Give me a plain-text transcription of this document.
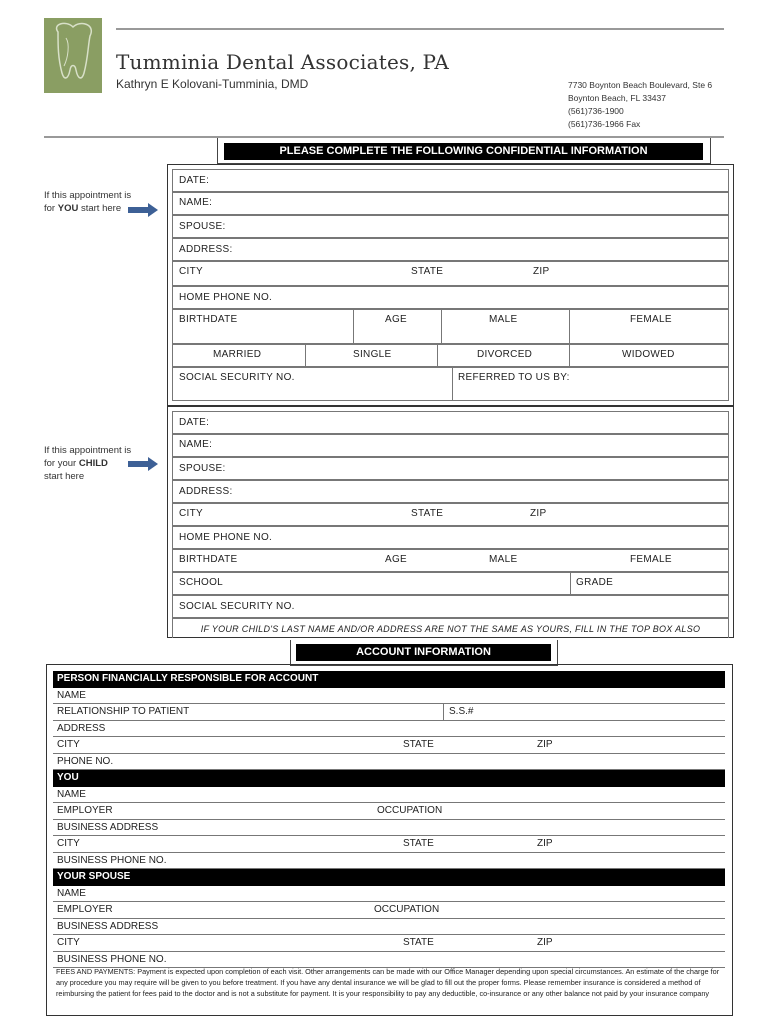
Tumminia Dental Associates, PA
Kathryn E Kolovani-Tumminia, DMD	7730 Boynton Beach Boulevard, Ste 6
Boynton Beach, FL 33437
(561)736-1900
(561)736-1966 Fax
PLEASE COMPLETE THE FOLLOWING CONFIDENTIAL INFORMATION
If this appointment is
for YOU start here
If this appointment is
for your CHILD
start here
DATE:
NAME:
SPOUSE:
ADDRESS:
CITY	STATE	ZIP
HOME PHONE NO.
BIRTHDATE	AGE	MALE	FEMALE
MARRIED	SINGLE	DIVORCED	WIDOWED
SOCIAL SECURITY NO.	REFERRED TO US BY:
DATE:
NAME:
SPOUSE:
ADDRESS:
CITY	STATE	ZIP
HOME PHONE NO.
BIRTHDATE	AGE	MALE	FEMALE
SCHOOL	GRADE
SOCIAL SECURITY NO.
IF YOUR CHILD'S LAST NAME AND/OR ADDRESS ARE NOT THE SAME AS YOURS, FILL IN THE TOP BOX ALSO
ACCOUNT INFORMATION
PERSON FINANCIALLY RESPONSIBLE FOR ACCOUNT
NAME
RELATIONSHIP TO PATIENT	S.S.#
ADDRESS
CITY	STATE	ZIP
PHONE NO.
YOU
NAME
EMPLOYER	OCCUPATION
BUSINESS ADDRESS
CITY	STATE	ZIP
BUSINESS PHONE NO.
YOUR SPOUSE
NAME
EMPLOYER	OCCUPATION
BUSINESS ADDRESS
CITY	STATE	ZIP
BUSINESS PHONE NO.
FEES AND PAYMENTS: Payment is expected upon completion of each visit. Other arrangements can be made with our Office Manager depending upon special circumstances. An estimate of the charge for any procedure you may require will be given to you before treatment. If you have any dental insurance we will be glad to fill out the proper forms. Please remember insurance is considered a method of reimbursing the patient for fees paid to the doctor and is not a substitute for payment. It is your responsibility to pay any deductible, co-insurance or any other balance not paid by your insurance company
